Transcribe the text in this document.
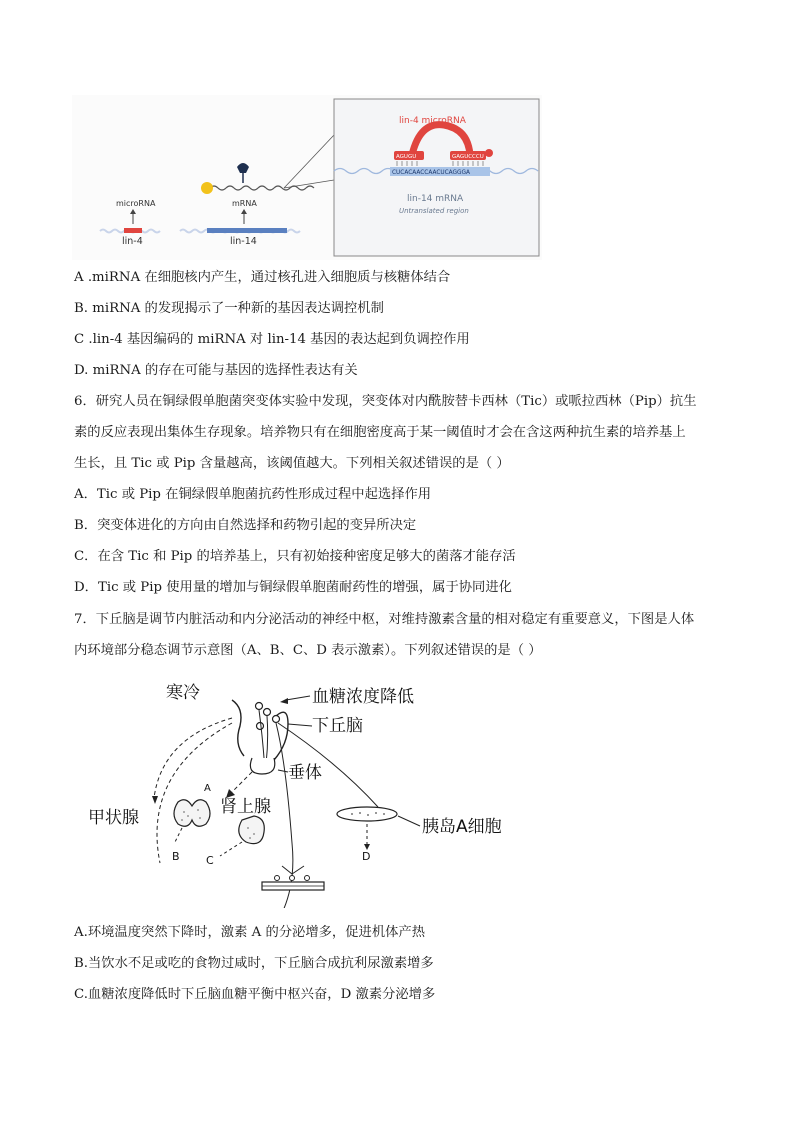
microRNA
lin-4
mRNA
lin-14
lin-4 microRNA
AGUGU	GAGUCCCU
CUCACAACCAACUCAGGGA
lin-14 mRNA
Untranslated region
A .miRNA 在细胞核内产生，通过核孔进入细胞质与核糖体结合
B. miRNA 的发现揭示了一种新的基因表达调控机制
C .lin-4 基因编码的 miRNA 对 lin-14 基因的表达起到负调控作用
D. miRNA 的存在可能与基因的选择性表达有关
6．研究人员在铜绿假单胞菌突变体实验中发现，突变体对内酰胺替卡西林（Tic）或哌拉西林（Pip）抗生
素的反应表现出集体生存现象。培养物只有在细胞密度高于某一阈值时才会在含这两种抗生素的培养基上
生长，且 Tic 或 Pip 含量越高，该阈值越大。下列相关叙述错误的是（ ）
A．Tic 或 Pip 在铜绿假单胞菌抗药性形成过程中起选择作用
B．突变体进化的方向由自然选择和药物引起的变异所决定
C．在含 Tic 和 Pip 的培养基上，只有初始接种密度足够大的菌落才能存活
D．Tic 或 Pip 使用量的增加与铜绿假单胞菌耐药性的增强，属于协同进化
7．下丘脑是调节内脏活动和内分泌活动的神经中枢，对维持激素含量的相对稳定有重要意义，下图是人体
内环境部分稳态调节示意图（A、B、C、D 表示激素）。下列叙述错误的是（ ）
寒冷	血糖浓度降低
下丘脑
垂体
甲状腺
肾上腺
胰岛A细胞
A
B C	D
A.环境温度突然下降时，激素 A 的分泌增多，促进机体产热
B.当饮水不足或吃的食物过咸时，下丘脑合成抗利尿激素增多
C.血糖浓度降低时下丘脑血糖平衡中枢兴奋，D 激素分泌增多
